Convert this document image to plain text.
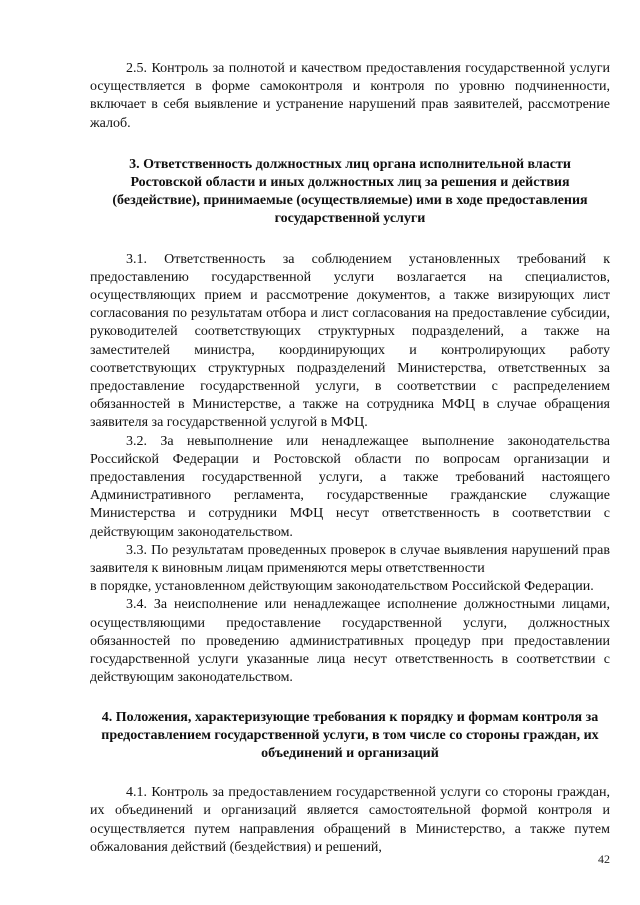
2.5. Контроль за полнотой и качеством предоставления государственной услуги осуществляется в форме самоконтроля и контроля по уровню подчиненности, включает в себя выявление и устранение нарушений прав заявителей, рассмотрение жалоб.

3. Ответственность должностных лиц органа исполнительной власти Ростовской области и иных должностных лиц за решения и действия (бездействие), принимаемые (осуществляемые) ими в ходе предоставления государственной услуги

3.1. Ответственность за соблюдением установленных требований к предоставлению государственной услуги возлагается на специалистов, осуществляющих прием и рассмотрение документов, а также визирующих лист согласования по результатам отбора и лист согласования на предоставление субсидии, руководителей соответствующих структурных подразделений, а также на заместителей министра, координирующих и контролирующих работу соответствующих структурных подразделений Министерства, ответственных за предоставление государственной услуги, в соответствии с распределением обязанностей в Министерстве, а также на сотрудника МФЦ в случае обращения заявителя за государственной услугой в МФЦ.

3.2. За невыполнение или ненадлежащее выполнение законодательства Российской Федерации и Ростовской области по вопросам организации и предоставления государственной услуги, а также требований настоящего Административного регламента, государственные гражданские служащие Министерства и сотрудники МФЦ несут ответственность в соответствии с действующим законодательством.

3.3. По результатам проведенных проверок в случае выявления нарушений прав заявителя к виновным лицам применяются меры ответственности

в порядке, установленном действующим законодательством Российской Федерации.

3.4. За неисполнение или ненадлежащее исполнение должностными лицами, осуществляющими предоставление государственной услуги, должностных обязанностей по проведению административных процедур при предоставлении государственной услуги указанные лица несут ответственность в соответствии с действующим законодательством.

4. Положения, характеризующие требования к порядку и формам контроля за предоставлением государственной услуги, в том числе со стороны граждан, их объединений и организаций

4.1. Контроль за предоставлением государственной услуги со стороны граждан, их объединений и организаций является самостоятельной формой контроля и осуществляется путем направления обращений в Министерство, а также путем обжалования действий (бездействия) и решений,

42
